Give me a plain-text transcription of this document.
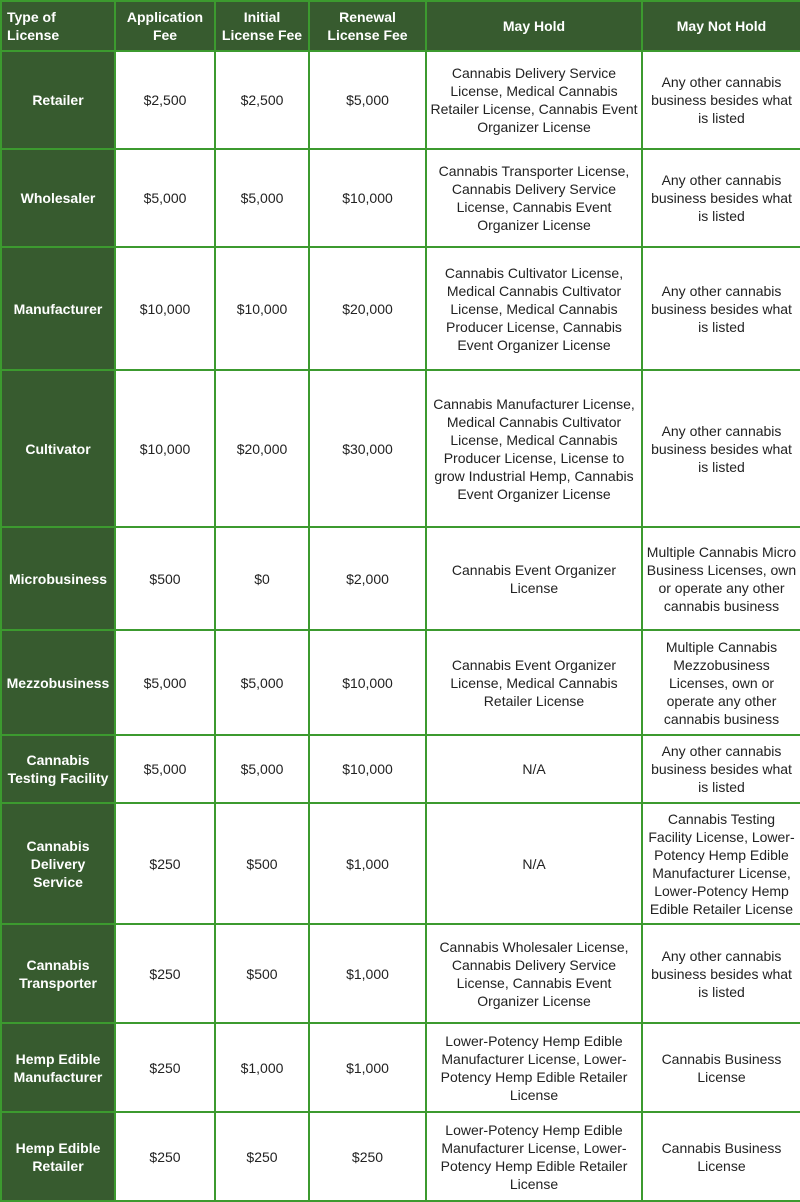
Type of License	Application Fee	Initial License Fee	Renewal License Fee	May Hold	May Not Hold
Retailer	$2,500	$2,500	$5,000	Cannabis Delivery Service License, Medical Cannabis Retailer License, Cannabis Event Organizer License	Any other cannabis business besides what is listed
Wholesaler	$5,000	$5,000	$10,000	Cannabis Transporter License, Cannabis Delivery Service License, Cannabis Event Organizer License	Any other cannabis business besides what is listed
Manufacturer	$10,000	$10,000	$20,000	Cannabis Cultivator License, Medical Cannabis Cultivator License, Medical Cannabis Producer License, Cannabis Event Organizer License	Any other cannabis business besides what is listed
Cultivator	$10,000	$20,000	$30,000	Cannabis Manufacturer License, Medical Cannabis Cultivator License, Medical Cannabis Producer License, License to grow Industrial Hemp, Cannabis Event Organizer License	Any other cannabis business besides what is listed
Microbusiness	$500	$0	$2,000	Cannabis Event Organizer License	Multiple Cannabis Micro Business Licenses, own or operate any other cannabis business
Mezzobusiness	$5,000	$5,000	$10,000	Cannabis Event Organizer License, Medical Cannabis Retailer License	Multiple Cannabis Mezzobusiness Licenses, own or operate any other cannabis business
Cannabis Testing Facility	$5,000	$5,000	$10,000	N/A	Any other cannabis business besides what is listed
Cannabis Delivery Service	$250	$500	$1,000	N/A	Cannabis Testing Facility License, Lower-Potency Hemp Edible Manufacturer License, Lower-Potency Hemp Edible Retailer License
Cannabis Transporter	$250	$500	$1,000	Cannabis Wholesaler License, Cannabis Delivery Service License, Cannabis Event Organizer License	Any other cannabis business besides what is listed
Hemp Edible Manufacturer	$250	$1,000	$1,000	Lower-Potency Hemp Edible Manufacturer License, Lower-Potency Hemp Edible Retailer License	Cannabis Business License
Hemp Edible Retailer	$250	$250	$250	Lower-Potency Hemp Edible Manufacturer License, Lower-Potency Hemp Edible Retailer License	Cannabis Business License
